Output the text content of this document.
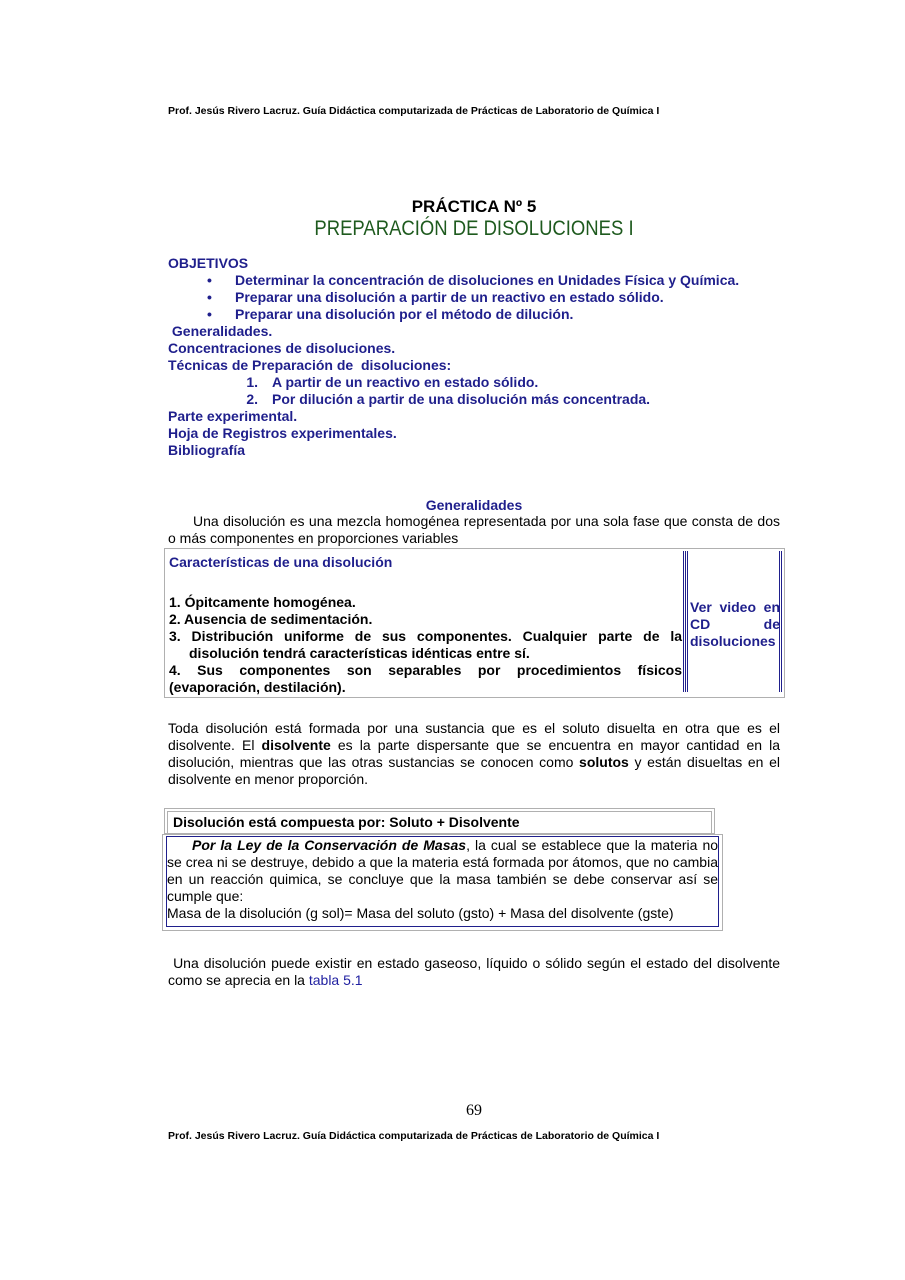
Prof. Jesús Rivero Lacruz. Guía Didáctica computarizada de Prácticas de Laboratorio de Química I
PRÁCTICA Nº 5
PREPARACIÓN DE DISOLUCIONES I
OBJETIVOS
•	Determinar la concentración de disoluciones en Unidades Física y Química.
•	Preparar una disolución a partir de un reactivo en estado sólido.
•	Preparar una disolución por el método de dilución.
Generalidades.
Concentraciones de disoluciones.
Técnicas de Preparación de  disoluciones:
1.	A partir de un reactivo en estado sólido.
2.	Por dilución a partir de una disolución más concentrada.
Parte experimental.
Hoja de Registros experimentales.
Bibliografía
Generalidades
Una disolución es una mezcla homogénea representada por una sola fase que consta de dos o más componentes en proporciones variables
Características de una disolución
1. Ópitcamente homogénea.
2. Ausencia de sedimentación.
3. Distribución uniforme de sus componentes. Cualquier parte de la
disolución tendrá características idénticas entre sí.
4. Sus componentes son separables por procedimientos físicos
(evaporación, destilación).
Ver video en
CD de
disoluciones
Toda disolución está formada por una sustancia que es el soluto disuelta en otra que es el disolvente. El disolvente es la parte dispersante que se encuentra en mayor cantidad en la disolución, mientras que las otras sustancias se conocen como solutos y están disueltas en el disolvente en menor proporción.
Disolución está compuesta por: Soluto + Disolvente
Por la Ley de la Conservación de Masas, la cual se establece que la materia no se crea ni se destruye, debido a que la materia está formada por átomos, que no cambia en un reacción quimica, se concluye que la masa también se debe conservar así se cumple que:
Masa de la disolución (g sol)= Masa del soluto (gsto) + Masa del disolvente (gste)
Una disolución puede existir en estado gaseoso, líquido o sólido según el estado del disolvente como se aprecia en la tabla 5.1
69
Prof. Jesús Rivero Lacruz. Guía Didáctica computarizada de Prácticas de Laboratorio de Química I
